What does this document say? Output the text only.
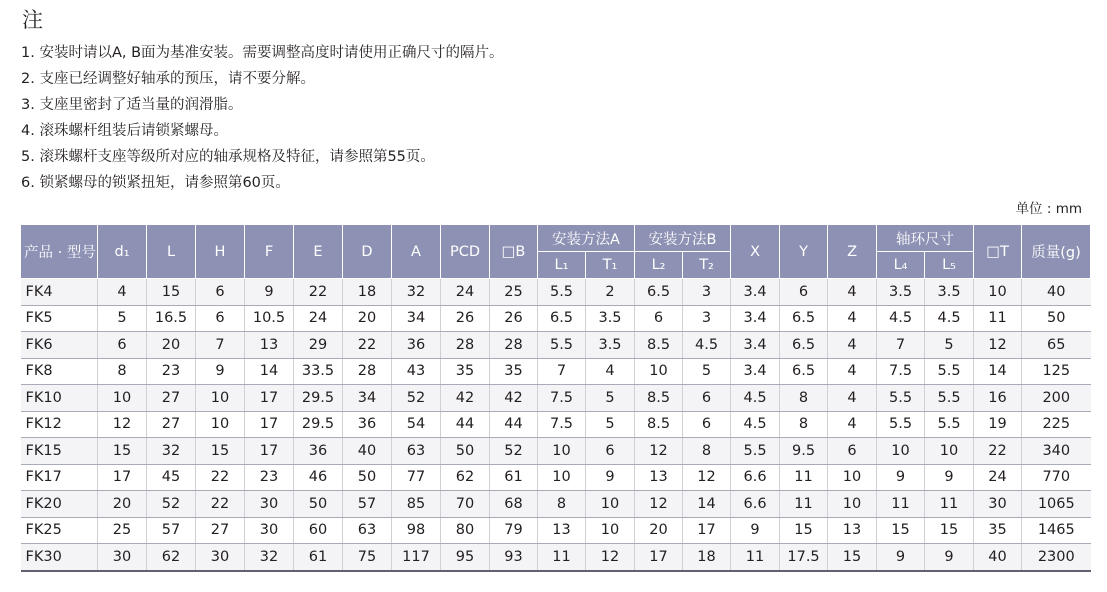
注
1. 安装时请以A, B面为基准安装。需要调整高度时请使用正确尺寸的隔片。
2. 支座已经调整好轴承的预压，请不要分解。
3. 支座里密封了适当量的润滑脂。
4. 滚珠螺杆组装后请锁紧螺母。
5. 滚珠螺杆支座等级所对应的轴承规格及特征，请参照第55页。
6. 锁紧螺母的锁紧扭矩，请参照第60页。
单位 : mm
产品 · 型号	d₁	L	H	F	E	D	A	PCD	□B	安装方法A		安装方法B		X	Y	Z	轴环尺寸		□T	质量(g)
										L₁	T₁	L₂	T₂				L₄	L₅		
FK4	4	15	6	9	22	18	32	24	25	5.5	2	6.5	3	3.4	6	4	3.5	3.5	10	40
FK5	5	16.5	6	10.5	24	20	34	26	26	6.5	3.5	6	3	3.4	6.5	4	4.5	4.5	11	50
FK6	6	20	7	13	29	22	36	28	28	5.5	3.5	8.5	4.5	3.4	6.5	4	7	5	12	65
FK8	8	23	9	14	33.5	28	43	35	35	7	4	10	5	3.4	6.5	4	7.5	5.5	14	125
FK10	10	27	10	17	29.5	34	52	42	42	7.5	5	8.5	6	4.5	8	4	5.5	5.5	16	200
FK12	12	27	10	17	29.5	36	54	44	44	7.5	5	8.5	6	4.5	8	4	5.5	5.5	19	225
FK15	15	32	15	17	36	40	63	50	52	10	6	12	8	5.5	9.5	6	10	10	22	340
FK17	17	45	22	23	46	50	77	62	61	10	9	13	12	6.6	11	10	9	9	24	770
FK20	20	52	22	30	50	57	85	70	68	8	10	12	14	6.6	11	10	11	11	30	1065
FK25	25	57	27	30	60	63	98	80	79	13	10	20	17	9	15	13	15	15	35	1465
FK30	30	62	30	32	61	75	117	95	93	11	12	17	18	11	17.5	15	9	9	40	2300
